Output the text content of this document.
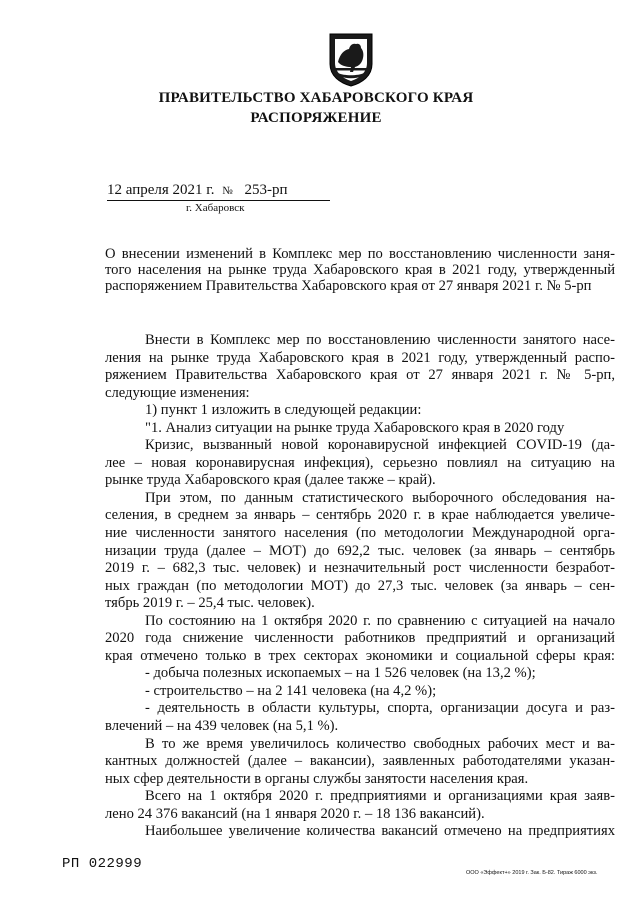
ПРАВИТЕЛЬСТВО ХАБАРОВСКОГО КРАЯ
РАСПОРЯЖЕНИЕ
12 апреля 2021 г. № 253-рп
г. Хабаровск
О внесении изменений в Комплекс мер по восстановлению численности заня-
того населения на рынке труда Хабаровского края в 2021 году, утвержденный
распоряжением Правительства Хабаровского края от 27 января 2021 г. № 5-рп
Внести в Комплекс мер по восстановлению численности занятого насе-
ления на рынке труда Хабаровского края в 2021 году, утвержденный распо-
ряжением Правительства Хабаровского края от 27 января 2021 г. № 5-рп,
следующие изменения:
1) пункт 1 изложить в следующей редакции:
"1. Анализ ситуации на рынке труда Хабаровского края в 2020 году
Кризис, вызванный новой коронавирусной инфекцией COVID-19 (да-
лее – новая коронавирусная инфекция), серьезно повлиял на ситуацию на
рынке труда Хабаровского края (далее также – край).
При этом, по данным статистического выборочного обследования на-
селения, в среднем за январь – сентябрь 2020 г. в крае наблюдается увеличе-
ние численности занятого населения (по методологии Международной орга-
низации труда (далее – МОТ) до 692,2 тыс. человек (за январь – сентябрь
2019 г. – 682,3 тыс. человек) и незначительный рост численности безработ-
ных граждан (по методологии МОТ) до 27,3 тыс. человек (за январь – сен-
тябрь 2019 г. – 25,4 тыс. человек).
По состоянию на 1 октября 2020 г. по сравнению с ситуацией на начало
2020 года снижение численности работников предприятий и организаций
края отмечено только в трех секторах экономики и социальной сферы края:
- добыча полезных ископаемых – на 1 526 человек (на 13,2 %);
- строительство – на 2 141 человека (на 4,2 %);
- деятельность в области культуры, спорта, организации досуга и раз-
влечений – на 439 человек (на 5,1 %).
В то же время увеличилось количество свободных рабочих мест и ва-
кантных должностей (далее – вакансии), заявленных работодателями указан-
ных сфер деятельности в органы службы занятости населения края.
Всего на 1 октября 2020 г. предприятиями и организациями края заяв-
лено 24 376 вакансий (на 1 января 2020 г. – 18 136 вакансий).
Наибольшее увеличение количества вакансий отмечено на предприятиях
РП 022999
ООО «Эффект+» 2019 г. Зак. Б-82. Тираж 6000 экз.
